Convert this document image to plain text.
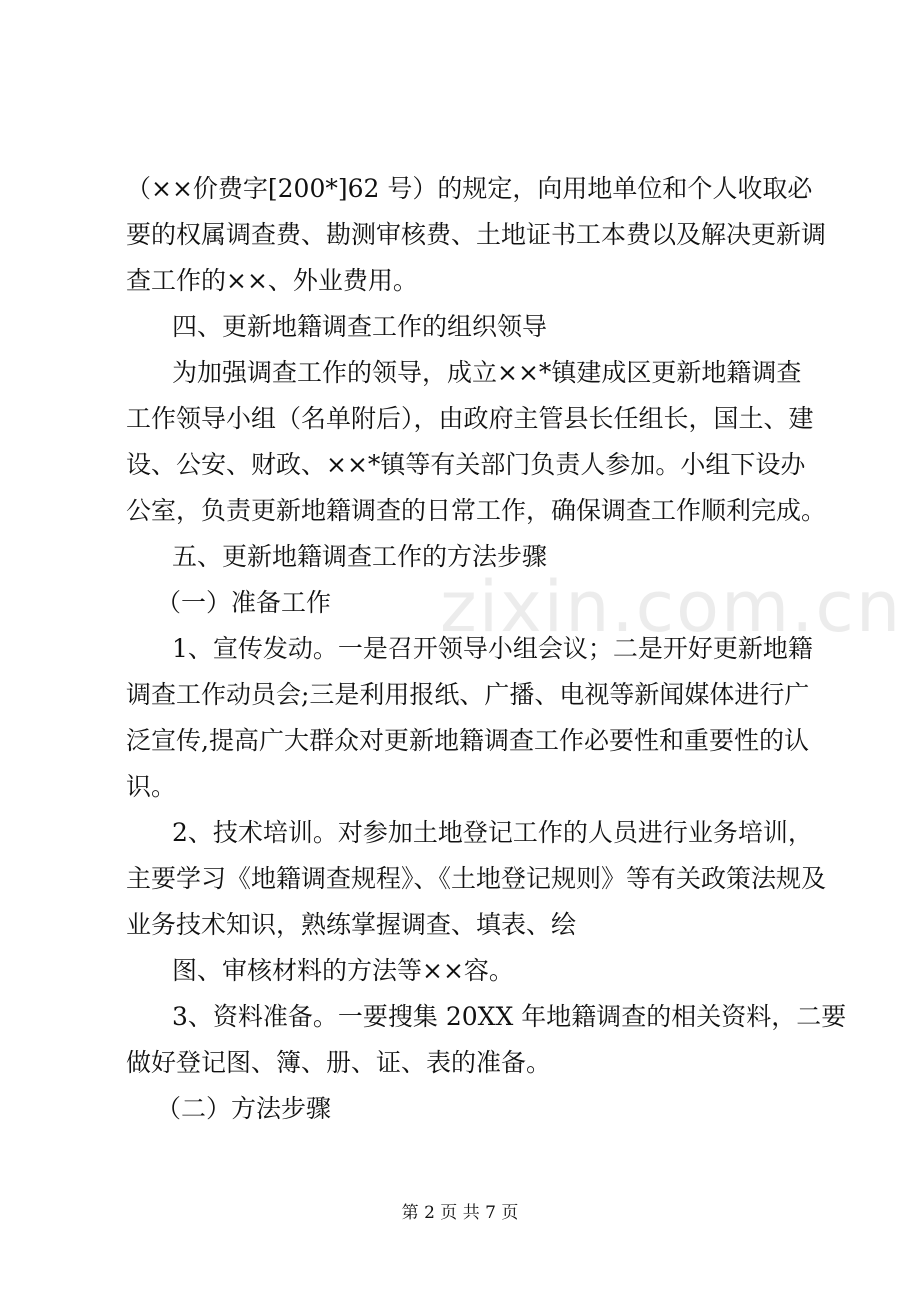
zixin.com.cn
（××价费字[200*]62 号）的规定，向用地单位和个人收取必
要的权属调查费、勘测审核费、土地证书工本费以及解决更新调
查工作的××、外业费用。
四、更新地籍调查工作的组织领导
为加强调查工作的领导，成立××*镇建成区更新地籍调查
工作领导小组（名单附后），由政府主管县长任组长，国土、建
设、公安、财政、××*镇等有关部门负责人参加。小组下设办
公室，负责更新地籍调查的日常工作，确保调查工作顺利完成。
五、更新地籍调查工作的方法步骤
（一）准备工作
1、宣传发动。一是召开领导小组会议；二是开好更新地籍
调查工作动员会;三是利用报纸、广播、电视等新闻媒体进行广
泛宣传,提高广大群众对更新地籍调查工作必要性和重要性的认
识。
2、技术培训。对参加土地登记工作的人员进行业务培训，
主要学习《地籍调查规程》、《土地登记规则》等有关政策法规及
业务技术知识，熟练掌握调查、填表、绘
图、审核材料的方法等××容。
3、资料准备。一要搜集 20XX 年地籍调查的相关资料，二要
做好登记图、簿、册、证、表的准备。
（二）方法步骤
第 2 页 共 7 页
